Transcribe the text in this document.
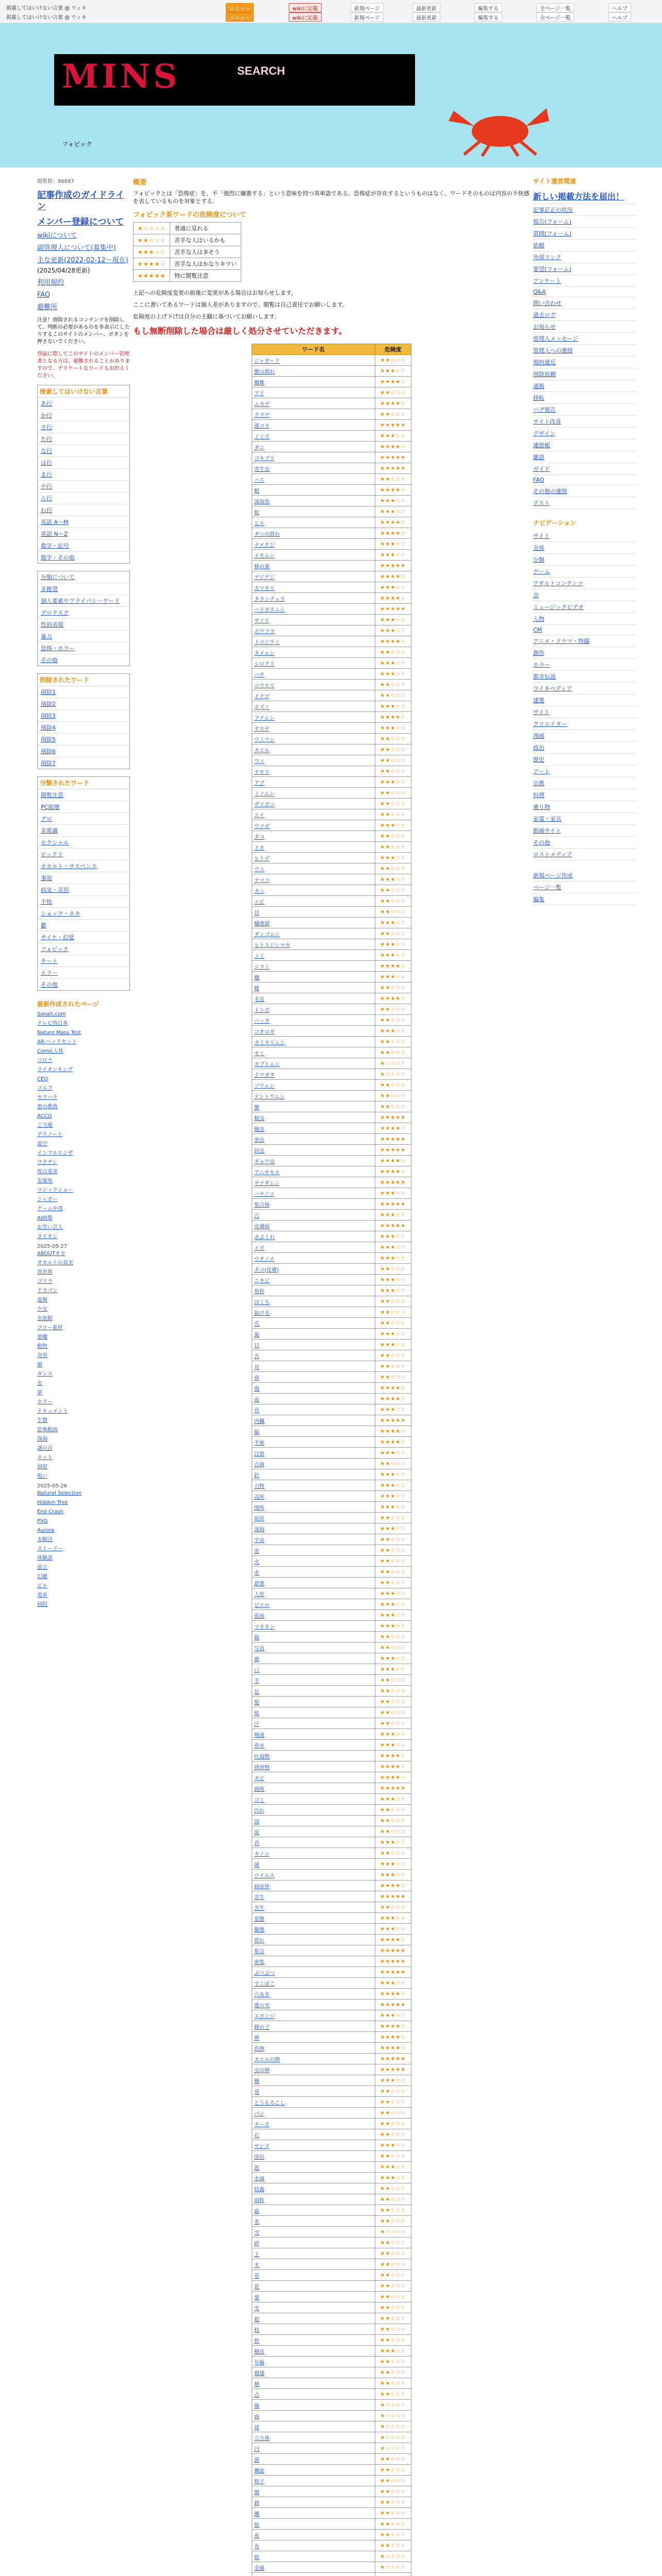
掲載してはいけない言葉 @ ウィキ	メニュー	wikiに記載	新規ページ	最新更新	編集する	全ページ一覧	ヘルプ
掲載してはいけない言葉 @ ウィキ	メニュー	wikiに記載	新規ページ	最新更新	編集する	全ページ一覧	ヘルプ
MINS	SEARCH
フォビック
閲覧数：86687
記事作成のガイドライン
メンバー登録について
wikiについて
副管理人について(募集中)
主な更新(2022-02-12～現在)
(2025/04/28更新)
利用規約
FAQ
避難所
注意！削除されるコンテンツを削除して、判断の必要があるのを非表示にしたりするこのサイトのメンバー、ボタンを押さないでください。
登録に際してこのサイトのメンバー管理者となる方は、避難されることがありますので、デリケートなワードもお控えください。
検索してはいけない言葉
あ行
か行
さ行
た行
な行
は行
ま行
や行
ら行
わ行
英語 A～M
英語 N～Z
数字・記号
数字・その他
分類について
非推奨
個人要素やプライバシーワード
グロテスク
性的表現
暴力
恐怖・ホラー
その他
削除されたワード
削除1
削除2
削除3
削除4
削除5
削除6
削除7
分類されたワード
閲覧注意
PC破壊
グロ
非常識
セクシャル
ビックリ
オカルト・サスペンス
事故
病気・奇形
不快
ショック・ネタ
鬱
サイケ・幻覚
フォビック
チート
エラー
その他
最新作成されたページ
Sonah.com
テレビ西日本
Nature Mass Test
AR-ヘッドセット
Comic人体
コロナ
ライオンキング
CEO
ゴルフ
セクハラ
悪の教典
ACCO
ご当地
デスノート
虚空
インフルエンザ
ワクチン
死の電車
安楽死
マジックショー
ジャガー
ゲーム中毒
AI画像
お笑い芸人
ライオン
2025-05-27
ABOUTオカ
オカルトの真実
異世界
ゴリラ
ドラゴン
虚無
少女
水族館
フリー素材
悪魔
動物
奇形
顔
ダンス
虫
夢
ホラー
ドキュメント
生贄
恐怖動画
深海
謎の音
ネット
洞窟
呪い
2025-05-26
Natural Selection
Hidden Tree
End Crash
PVG
Aurora
未解決
ストーリー
体験談
虚言
幻聴
ビル
電車
病院
概要

フォビックとは「恐怖症」を、不「強烈に嫌悪する」という意味を持つ英単語である。恐怖症が存在するというものはなく、ワードそのものは内容の不快感を表しているものを対象とする。

フォビック系ワードの危険度について
★☆☆☆☆	普通に見れる
★★☆☆☆	苦手な人はいるかも
★★★☆☆	苦手な人は多そう
★★★★☆	苦手な人はかなりキツい
★★★★★	特に閲覧注意

上記への危険度変更の前後に変更がある場合はお知らせします。

ここに書いてあるワードは個人差がありますので、閲覧は自己責任でお願いします。

危険度の上げ下げは自分の主観に基づいてお願いします。

もし無断削除した場合は厳しく処分させていただきます。
ワード名	危険度
ジャガード	★★☆☆☆
蟹の群れ	★★★☆☆
蜘蛛	★★★★☆
アリ	★★☆☆☆
ムカデ	★★★★☆
クラゲ	★★☆☆☆
蓮コラ	★★★★★
ミミズ	★★★☆☆
ダニ	★★★★☆
ゴキブリ	★★★★★
寄生虫	★★★★★
ハエ	★★☆☆☆
蛆	★★★★☆
深海魚	★★★☆☆
蛇	★★★☆☆
ヒル	★★★★☆
ダニの群れ	★★★★☆
ナメクジ	★★★☆☆
イモムシ	★★★☆☆
蜂の巣	★★★★★
ゲジゲジ	★★★★☆
カマキリ	★★★☆☆
タランチュラ	★★★★☆
ハリガネムシ	★★★★★
サソリ	★★★☆☆
ボウフラ	★★★☆☆
トコジラミ	★★★★☆
カメムシ	★★☆☆☆
シロアリ	★★★☆☆
ハチ	★★★☆☆
コウモリ	★★☆☆☆
イナゴ	★★☆☆☆
ネズミ	★★★☆☆
フナムシ	★★★★☆
ヤスデ	★★★☆☆
ウミウシ	★★☆☆☆
カエル	★★☆☆☆
ワニ	★★☆☆☆
ヤモリ	★★☆☆☆
アブ	★★★☆☆
ミノムシ	★★☆☆☆
ザリガニ	★★☆☆☆
エイ	★★☆☆☆
ウツボ	★★★☆☆
タコ	★★☆☆☆
イカ	★★☆☆☆
ヒトデ	★★★☆☆
ウニ	★★☆☆☆
ナマコ	★★★☆☆
カニ	★★☆☆☆
エビ	★★☆☆☆
貝	★★☆☆☆
蟻地獄	★★★☆☆
ダンゴムシ	★★☆☆☆
ヒトスジシマカ	★★★☆☆
ノミ	★★★☆☆
シラミ	★★★★☆
蛾	★★★☆☆
蝶	★★☆☆☆
毛虫	★★★★☆
トンボ	★★☆☆☆
バッタ	★★☆☆☆
コオロギ	★★★☆☆
カミキリムシ	★★☆☆☆
セミ	★★☆☆☆
カブトムシ	★☆☆☆☆
クワガタ	★☆☆☆☆
ゾウムシ	★★☆☆☆
テントウムシ	★★☆☆☆
蟹	★★☆☆☆
蛆虫	★★★★★
線虫	★★★★☆
条虫	★★★★★
回虫	★★★★★
ギョウ虫	★★★★☆
アニサキス	★★★★☆
サナダムシ	★★★★★
ハチノコ	★★★☆☆
集合体	★★★★★
穴	★★★☆☆
皮膚病	★★★★★
水ぶくれ	★★★☆☆
イボ	★★★☆☆
ウオノメ	★★★☆☆
タコ(皮膚)	★★☆☆☆
ニキビ	★★★☆☆
角栓	★★★☆☆
ほくろ	★★☆☆☆
抜け毛	★★☆☆☆
爪	★★☆☆☆
歯	★★★☆☆
目	★★★☆☆
舌	★★☆☆☆
耳	★★☆☆☆
鼻	★★☆☆☆
傷	★★★★☆
血	★★★★☆
骨	★★★☆☆
内臓	★★★★★
脳	★★★★☆
手術	★★★★☆
注射	★★★☆☆
点滴	★★☆☆☆
針	★★★☆☆
刃物	★★★☆☆
高所	★★★☆☆
閉所	★★★☆☆
暗所	★★☆☆☆
深海	★★★☆☆
宇宙	★★☆☆☆
雷	★★☆☆☆
火	★★☆☆☆
水	★★☆☆☆
群衆	★★☆☆☆
人形	★★★☆☆
ピエロ	★★★☆☆
仮面	★★★☆☆
マネキン	★★★☆☆
鏡	★★☆☆☆
写真	★★☆☆☆
顔	★★★☆☆
口	★★★☆☆
手	★★☆☆☆
足	★★☆☆☆
髪	★★☆☆☆
肌	★★☆☆☆
汗	★★☆☆☆
唾液	★★★☆☆
鼻水	★★★☆☆
吐瀉物	★★★★☆
排泄物	★★★★☆
カビ	★★★★☆
腐敗	★★★★★
ゴミ	★★★☆☆
汚れ	★★☆☆☆
油	★★☆☆☆
泥	★★☆☆☆
苔	★★★☆☆
キノコ	★★☆☆☆
菌	★★★☆☆
ウイルス	★★★☆☆
病原体	★★★★☆
寄生	★★★★★
共生	★★☆☆☆
変態	★★★☆☆
擬態	★★★☆☆
群れ	★★★★☆
集合	★★★★★
密集	★★★★★
ぶつぶつ	★★★★★
でこぼこ	★★★☆☆
穴あき	★★★★☆
蓮の実	★★★★★
スポンジ	★★★☆☆
蜂の子	★★★★☆
卵	★★★★☆
魚卵	★★★★☆
カエルの卵	★★★★★
虫の卵	★★★★★
種	★★★☆☆
苺	★★☆☆☆
とうもろこし	★★☆☆☆
パン	★★☆☆☆
チーズ	★★☆☆☆
石	★★☆☆☆
サンゴ	★★★☆☆
溶岩	★★☆☆☆
泡	★★★☆☆
水滴	★★★☆☆
結露	★★☆☆☆
雨粒	★★☆☆☆
霜	★★☆☆☆
氷	★★☆☆☆
雪	★☆☆☆☆
砂	★★☆☆☆
土	★★☆☆☆
木	★★☆☆☆
草	★★☆☆☆
花	★★☆☆☆
葉	★★☆☆☆
実	★★☆☆☆
根	★★☆☆☆
枝	★★☆☆☆
幹	★★☆☆☆
樹皮	★★★☆☆
年輪	★★☆☆☆
模様	★★☆☆☆
柄	★★☆☆☆
点	★★☆☆☆
線	★☆☆☆☆
面	★☆☆☆☆
球	★☆☆☆☆
立方体	★☆☆☆☆
円	★☆☆☆☆
渦	★★☆☆☆
螺旋	★★☆☆☆
格子	★★☆☆☆
網	★★☆☆☆
鎖	★★☆☆☆
縄	★★☆☆☆
紐	★★☆☆☆
糸	★★☆☆☆
布	★★☆☆☆
紙	★☆☆☆☆
金属	★☆☆☆☆

サイト運営関連
新しい掲載方法を届出！
記事訂正の状況
報告(フォーム)
質問(フォーム)
依頼
外部リンク
要望(フォーム)
アンケート
Q&A
問い合わせ
過去ログ
お知らせ
管理人メッセージ
管理人への連絡
規約違反
削除依頼
通報
移転
バグ報告
サイト改善
デザイン
連絡帳
雑談
ガイド
FAQ
その他の連絡
テスト
ナビゲーション
サイト
全体
分類
ゲーム
アダルトコンテンツ
音
ミュージックビデオ
人物
CM
アニメ・ドラマ・特撮
創作
ホラー
都市伝説
ウイキペディア
建築
サイト
クリエイター
漫画
政治
歴史
アート
宗教
料理
乗り物
家電・家具
動画サイト
その他
ロストメディア
新規ページ作成
ページ一覧
編集
